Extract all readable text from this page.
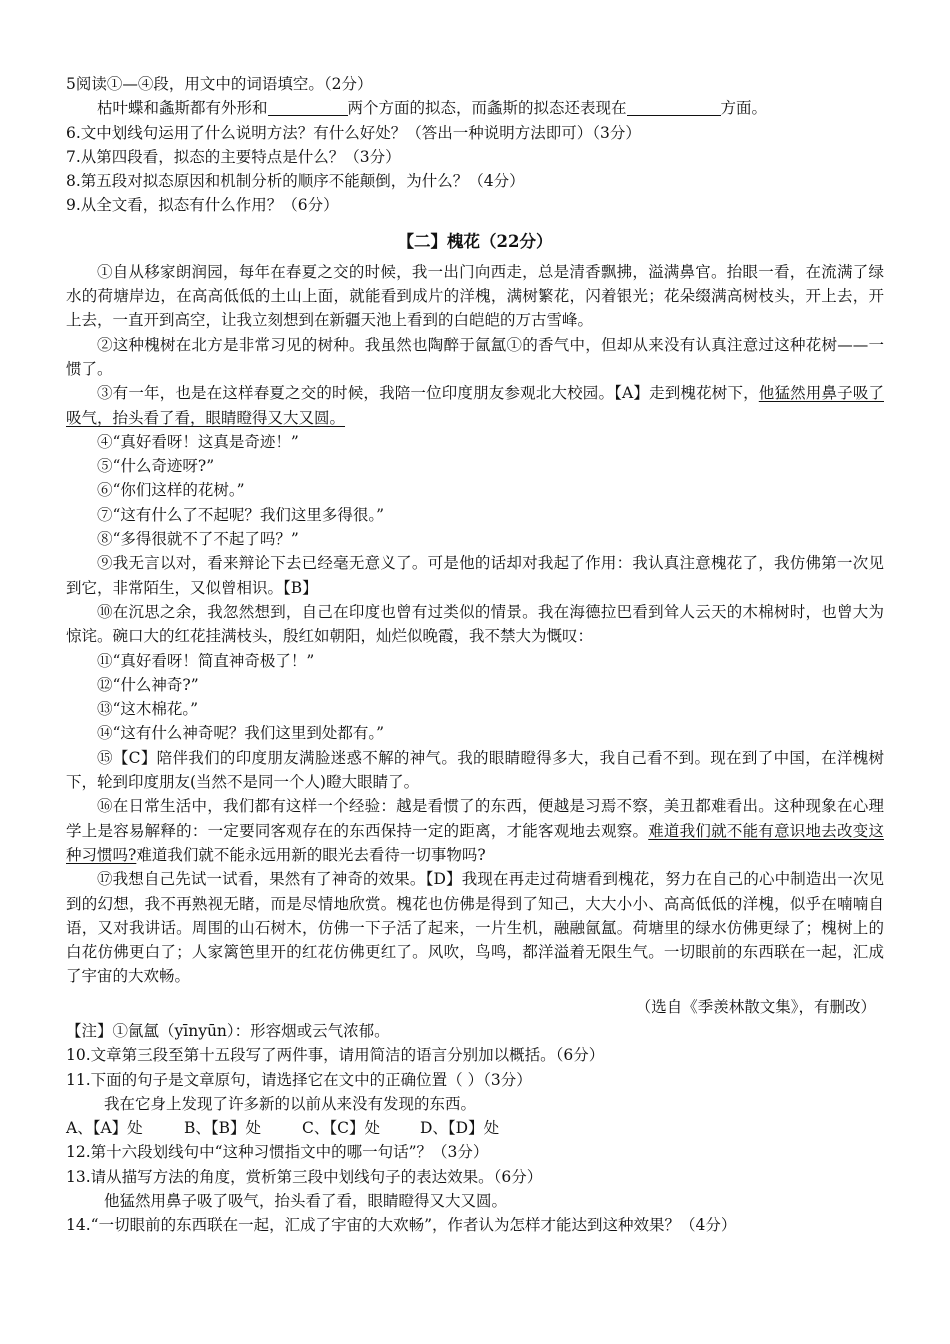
5阅读①—④段，用文中的词语填空。（2分）
枯叶蝶和螽斯都有外形和	两个方面的拟态，而螽斯的拟态还表现在	方面。
6.文中划线句运用了什么说明方法？有什么好处？（答出一种说明方法即可）（3分）
7.从第四段看，拟态的主要特点是什么？（3分）
8.第五段对拟态原因和机制分析的顺序不能颠倒，为什么？（4分）
9.从全文看，拟态有什么作用？（6分）
【二】槐花（22分）
①自从移家朗润园，每年在春夏之交的时候，我一出门向西走，总是清香飘拂，溢满鼻官。抬眼一看，在流满了绿水的荷塘岸边，在高高低低的土山上面，就能看到成片的洋槐，满树繁花，闪着银光；花朵缀满高树枝头，开上去，开上去，一直开到高空，让我立刻想到在新疆天池上看到的白皑皑的万古雪峰。
②这种槐树在北方是非常习见的树种。我虽然也陶醉于氤氲①的香气中，但却从来没有认真注意过这种花树——一惯了。
③有一年，也是在这样春夏之交的时候，我陪一位印度朋友参观北大校园。【A】走到槐花树下，他猛然用鼻子吸了吸气，抬头看了看，眼睛瞪得又大又圆。
④“真好看呀！这真是奇迹！”
⑤“什么奇迹呀?”
⑥“你们这样的花树。”
⑦“这有什么了不起呢？我们这里多得很。”
⑧“多得很就不了不起了吗？”
⑨我无言以对，看来辩论下去已经毫无意义了。可是他的话却对我起了作用：我认真注意槐花了，我仿佛第一次见到它，非常陌生，又似曾相识。【B】
⑩在沉思之余，我忽然想到，自己在印度也曾有过类似的情景。我在海德拉巴看到耸人云天的木棉树时，也曾大为惊诧。碗口大的红花挂满枝头，殷红如朝阳，灿烂似晚霞，我不禁大为慨叹：
⑪“真好看呀！简直神奇极了！”
⑫“什么神奇?”
⑬“这木棉花。”
⑭“这有什么神奇呢？我们这里到处都有。”
⑮【C】陪伴我们的印度朋友满脸迷惑不解的神气。我的眼睛瞪得多大，我自己看不到。现在到了中国，在洋槐树下，轮到印度朋友(当然不是同一个人)瞪大眼睛了。
⑯在日常生活中，我们都有这样一个经验：越是看惯了的东西，便越是习焉不察，美丑都难看出。这种现象在心理学上是容易解释的：一定要同客观存在的东西保持一定的距离，才能客观地去观察。难道我们就不能有意识地去改变这种习惯吗?难道我们就不能永远用新的眼光去看待一切事物吗?
⑰我想自己先试一试看，果然有了神奇的效果。【D】我现在再走过荷塘看到槐花，努力在自己的心中制造出一次见到的幻想，我不再熟视无睹，而是尽情地欣赏。槐花也仿佛是得到了知己，大大小小、高高低低的洋槐，似乎在喃喃自语，又对我讲话。周围的山石树木，仿佛一下子活了起来，一片生机，融融氤氲。荷塘里的绿水仿佛更绿了；槐树上的白花仿佛更白了；人家篱笆里开的红花仿佛更红了。风吹，鸟鸣，都洋溢着无限生气。一切眼前的东西联在一起，汇成了宇宙的大欢畅。
（选自《季羡林散文集》，有删改）
【注】①氤氲（yīnyūn）：形容烟或云气浓郁。
10.文章第三段至第十五段写了两件事，请用简洁的语言分别加以概括。（6分）
11.下面的句子是文章原句，请选择它在文中的正确位置（ ）（3分）
我在它身上发现了许多新的以前从来没有发现的东西。
A、【A】处	B、【B】处	C、【C】处	D、【D】处
12.第十六段划线句中“这种习惯指文中的哪一句话”？（3分）
13.请从描写方法的角度，赏析第三段中划线句子的表达效果。（6分）
他猛然用鼻子吸了吸气，抬头看了看，眼睛瞪得又大又圆。
14.“一切眼前的东西联在一起，汇成了宇宙的大欢畅”，作者认为怎样才能达到这种效果？（4分）
